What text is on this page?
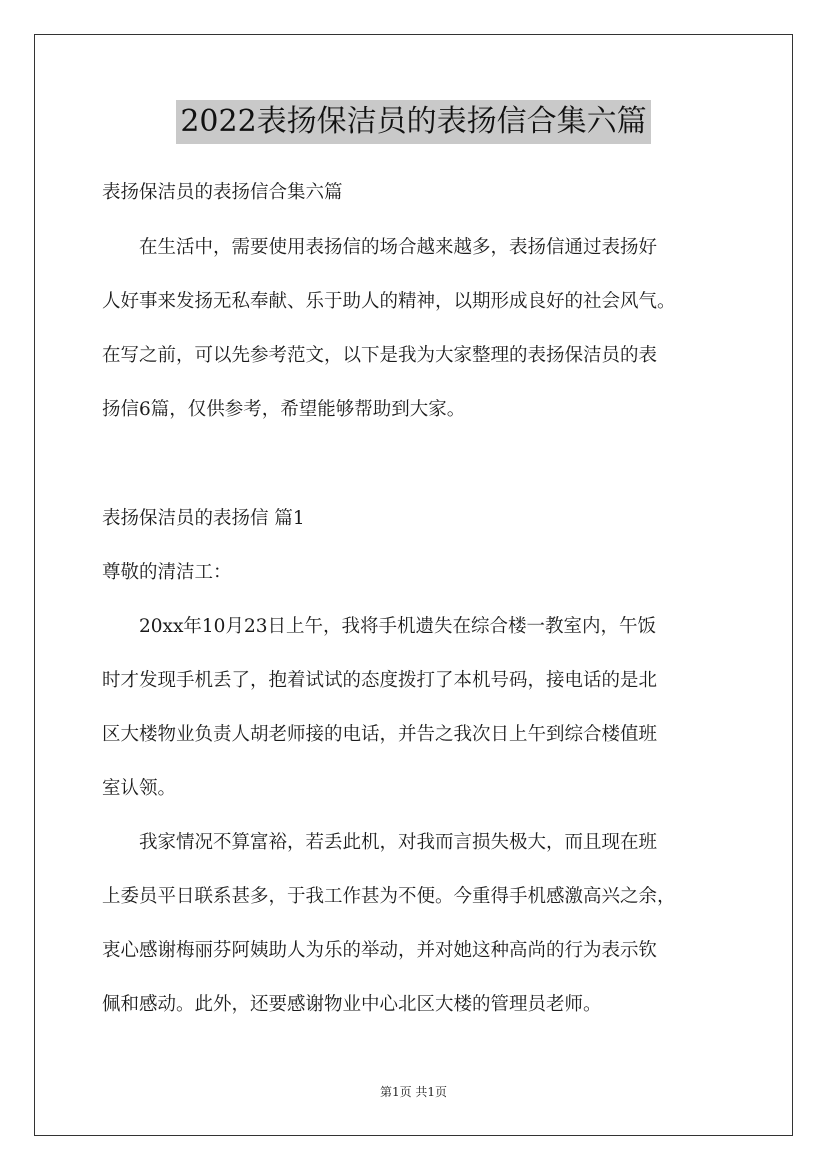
2022表扬保洁员的表扬信合集六篇
表扬保洁员的表扬信合集六篇
　　在生活中，需要使用表扬信的场合越来越多，表扬信通过表扬好
人好事来发扬无私奉献、乐于助人的精神，以期形成良好的社会风气。
在写之前，可以先参考范文，以下是我为大家整理的表扬保洁员的表
扬信6篇，仅供参考，希望能够帮助到大家。
表扬保洁员的表扬信 篇1
尊敬的清洁工：
　　20xx年10月23日上午，我将手机遗失在综合楼一教室内，午饭
时才发现手机丢了，抱着试试的态度拨打了本机号码，接电话的是北
区大楼物业负责人胡老师接的电话，并告之我次日上午到综合楼值班
室认领。
　　我家情况不算富裕，若丢此机，对我而言损失极大，而且现在班
上委员平日联系甚多，于我工作甚为不便。今重得手机感激高兴之余，
衷心感谢梅丽芬阿姨助人为乐的举动，并对她这种高尚的行为表示钦
佩和感动。此外，还要感谢物业中心北区大楼的管理员老师。
第1页 共1页
